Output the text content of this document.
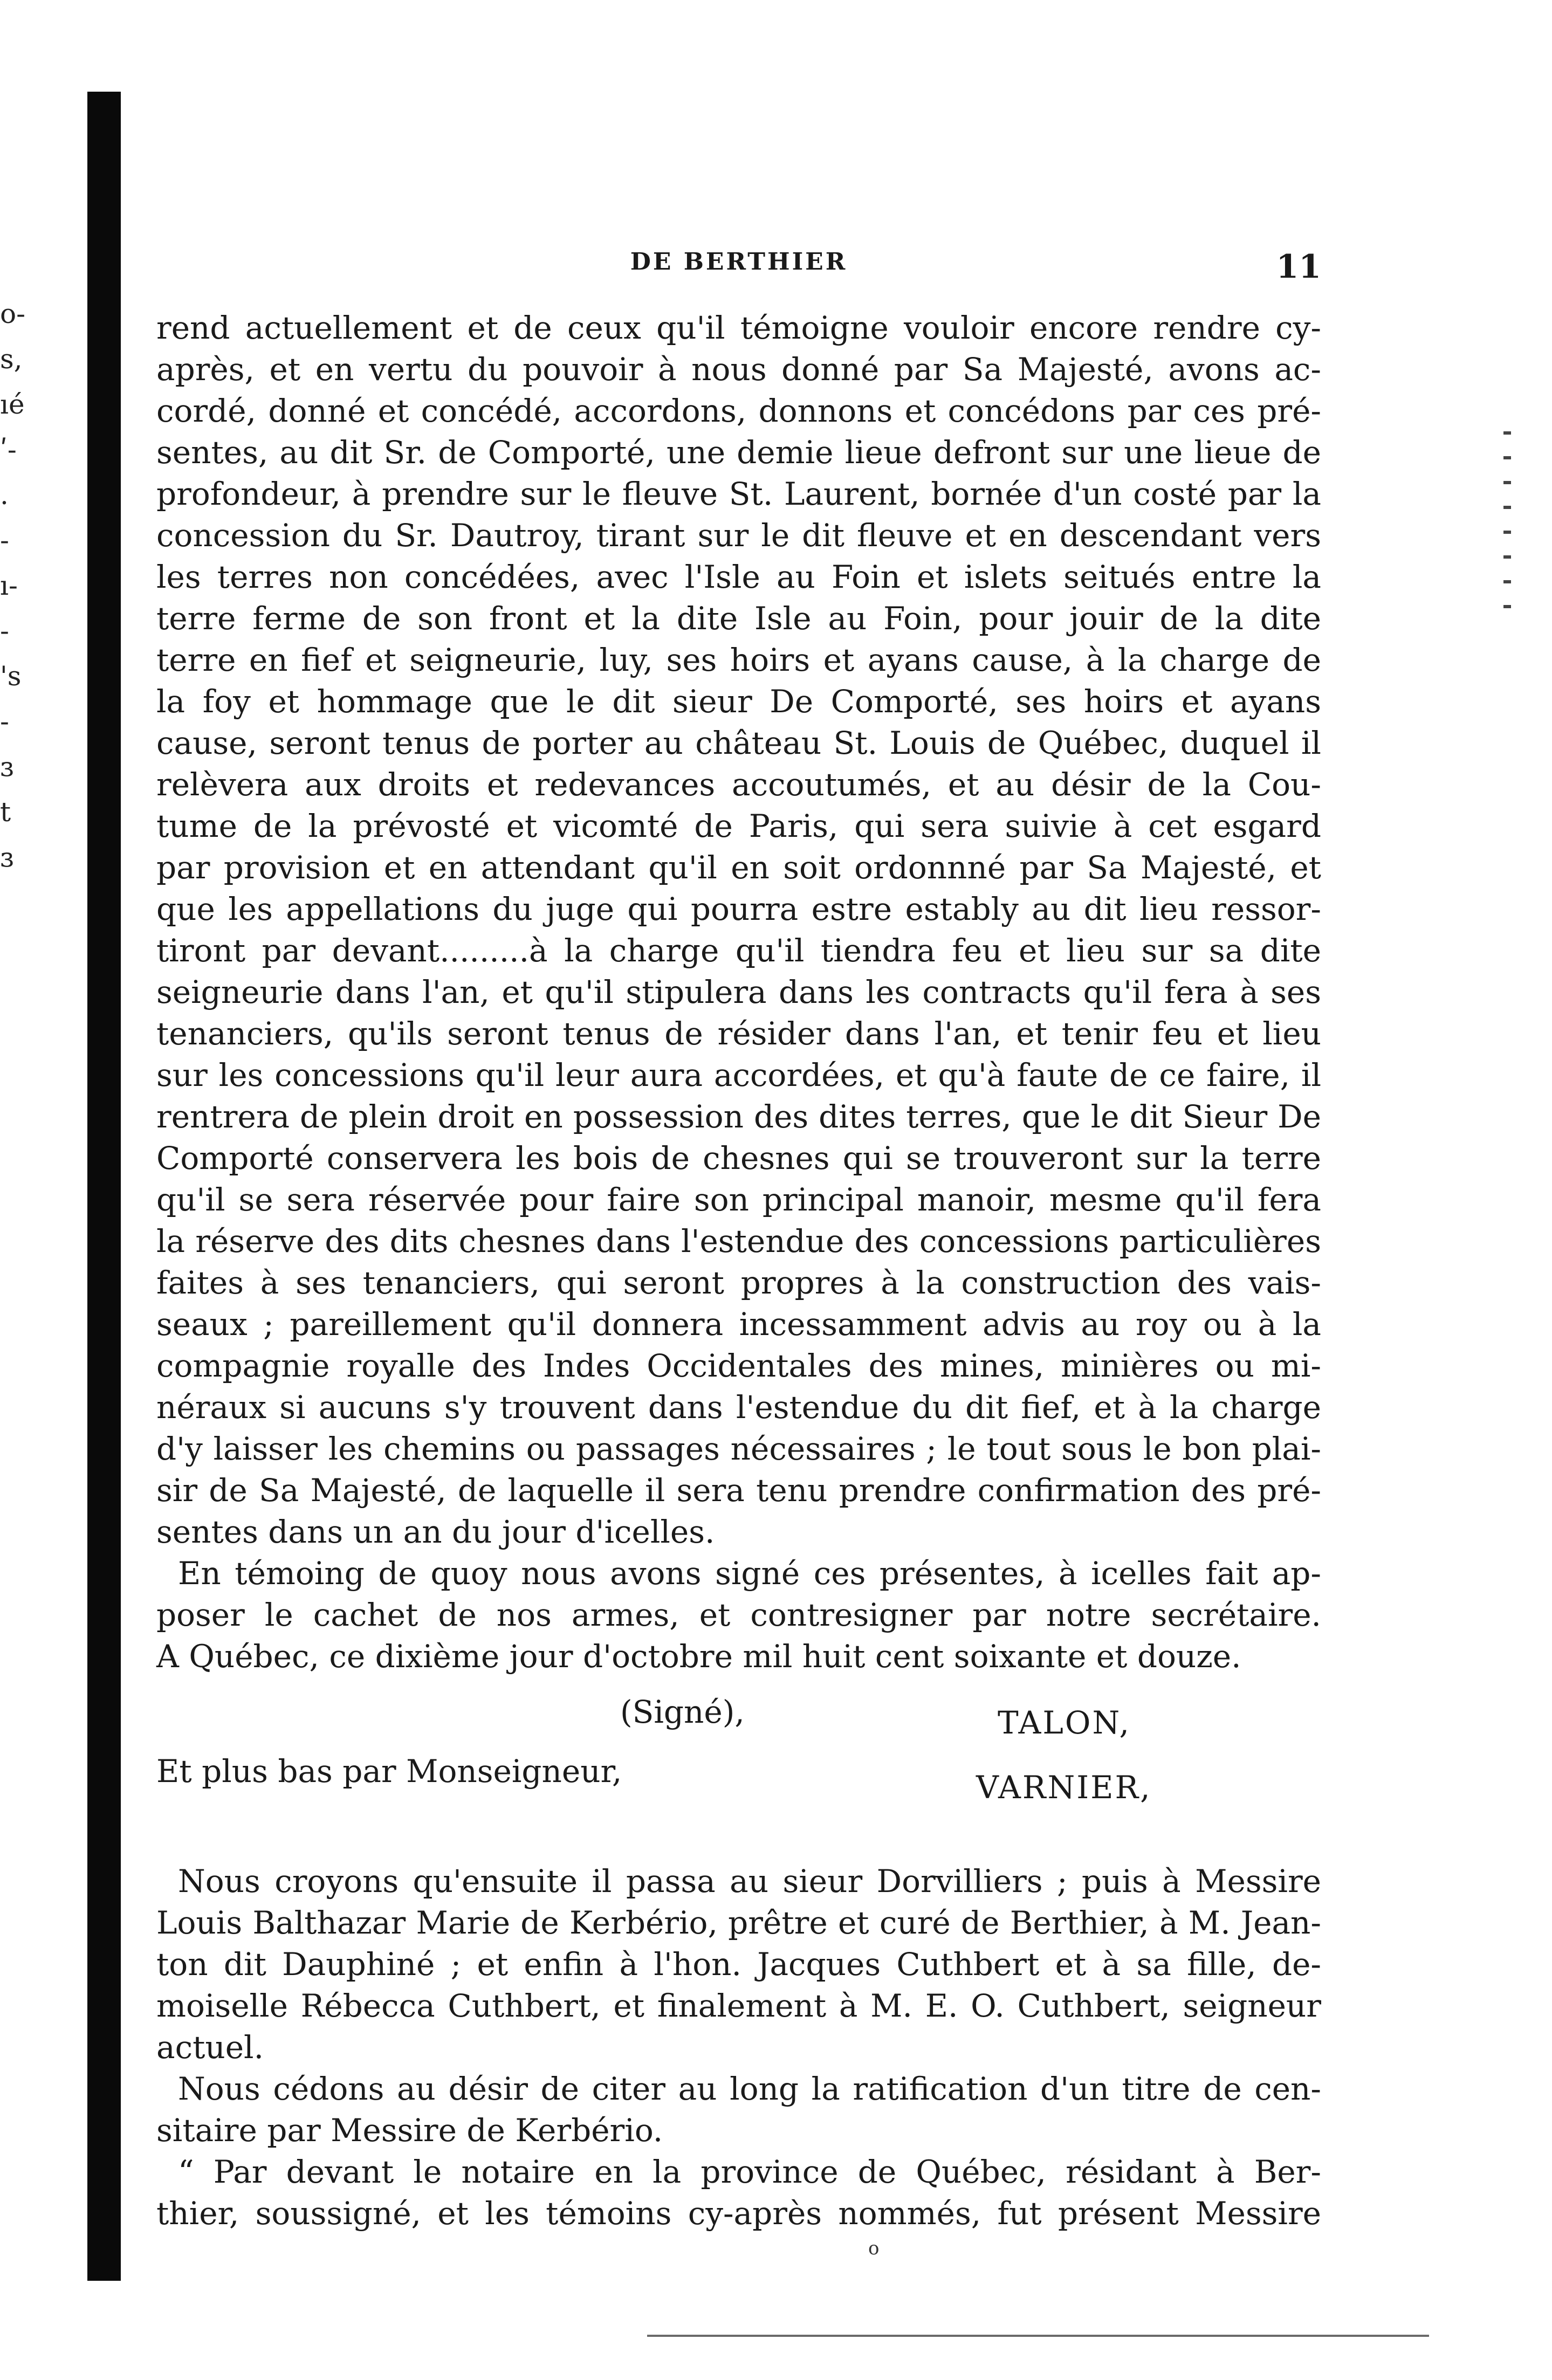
o-
s,
ıé
ʹ-
.
-
ı-
-
's
-
ɜ
t
ɜ
DE BERTHIER	11
rend actuellement et de ceux qu'il témoigne vouloir encore rendre cy-
après, et en vertu du pouvoir à nous donné par Sa Majesté, avons ac-
cordé, donné et concédé, accordons, donnons et concédons par ces pré-
sentes, au dit Sr. de Comporté, une demie lieue defront sur une lieue de
profondeur, à prendre sur le fleuve St. Laurent, bornée d'un costé par la
concession du Sr. Dautroy, tirant sur le dit fleuve et en descendant vers
les terres non concédées, avec l'Isle au Foin et islets seitués entre la
terre ferme de son front et la dite Isle au Foin, pour jouir de la dite
terre en fief et seigneurie, luy, ses hoirs et ayans cause, à la charge de
la foy et hommage que le dit sieur De Comporté, ses hoirs et ayans
cause, seront tenus de porter au château St. Louis de Québec, duquel il
relèvera aux droits et redevances accoutumés, et au désir de la Cou-
tume de la prévosté et vicomté de Paris, qui sera suivie à cet esgard
par provision et en attendant qu'il en soit ordonnné par Sa Majesté, et
que les appellations du juge qui pourra estre estably au dit lieu ressor-
tiront par devant.........à la charge qu'il tiendra feu et lieu sur sa dite
seigneurie dans l'an, et qu'il stipulera dans les contracts qu'il fera à ses
tenanciers, qu'ils seront tenus de résider dans l'an, et tenir feu et lieu
sur les concessions qu'il leur aura accordées, et qu'à faute de ce faire, il
rentrera de plein droit en possession des dites terres, que le dit Sieur De
Comporté conservera les bois de chesnes qui se trouveront sur la terre
qu'il se sera réservée pour faire son principal manoir, mesme qu'il fera
la réserve des dits chesnes dans l'estendue des concessions particulières
faites à ses tenanciers, qui seront propres à la construction des vais-
seaux ; pareillement qu'il donnera incessamment advis au roy ou à la
compagnie royalle des Indes Occidentales des mines, minières ou mi-
néraux si aucuns s'y trouvent dans l'estendue du dit fief, et à la charge
d'y laisser les chemins ou passages nécessaires ; le tout sous le bon plai-
sir de Sa Majesté, de laquelle il sera tenu prendre confirmation des pré-
sentes dans un an du jour d'icelles.
En témoing de quoy nous avons signé ces présentes, à icelles fait ap-
poser le cachet de nos armes, et contresigner par notre secrétaire.
A Québec, ce dixième jour d'octobre mil huit cent soixante et douze.
(Signé),	TALON,
Et plus bas par Monseigneur,	VARNIER,
Nous croyons qu'ensuite il passa au sieur Dorvilliers ; puis à Messire
Louis Balthazar Marie de Kerbério, prêtre et curé de Berthier, à M. Jean-
ton dit Dauphiné ; et enfin à l'hon. Jacques Cuthbert et à sa fille, de-
moiselle Rébecca Cuthbert, et finalement à M. E. O. Cuthbert, seigneur
actuel.
Nous cédons au désir de citer au long la ratification d'un titre de cen-
sitaire par Messire de Kerbério.
“ Par devant le notaire en la province de Québec, résidant à Ber-
thier, soussigné, et les témoins cy-après nommés, fut présent Messire
o
